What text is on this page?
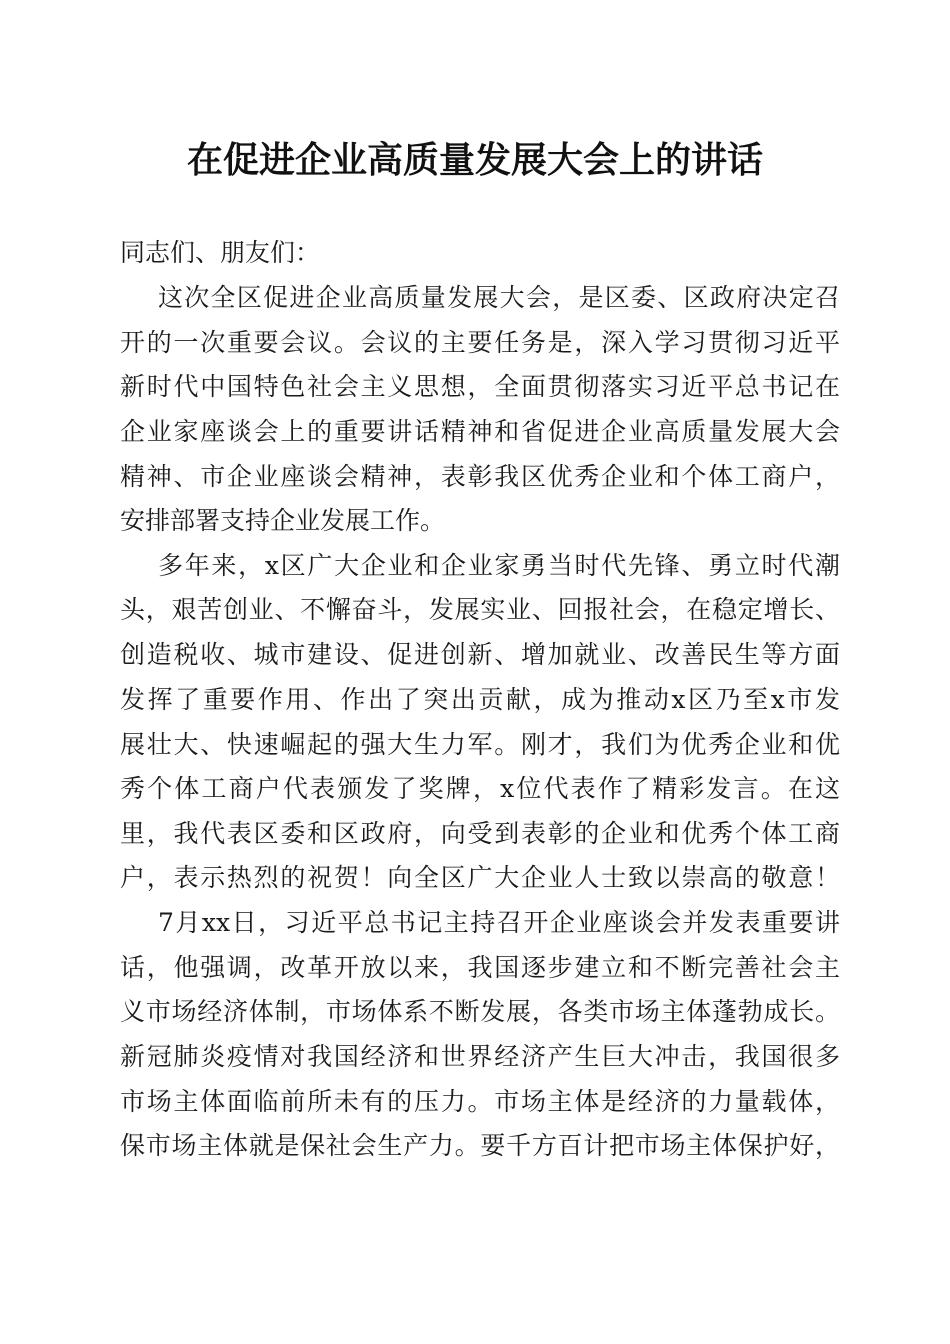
在促进企业高质量发展大会上的讲话

同志们、朋友们：

这次全区促进企业高质量发展大会，是区委、区政府决定召

开的一次重要会议。会议的主要任务是，深入学习贯彻习近平

新时代中国特色社会主义思想，全面贯彻落实习近平总书记在

企业家座谈会上的重要讲话精神和省促进企业高质量发展大会

精神、市企业座谈会精神，表彰我区优秀企业和个体工商户，

安排部署支持企业发展工作。

多年来，x区广大企业和企业家勇当时代先锋、勇立时代潮

头，艰苦创业、不懈奋斗，发展实业、回报社会，在稳定增长、

创造税收、城市建设、促进创新、增加就业、改善民生等方面

发挥了重要作用、作出了突出贡献，成为推动x区乃至x市发

展壮大、快速崛起的强大生力军。刚才，我们为优秀企业和优

秀个体工商户代表颁发了奖牌，x位代表作了精彩发言。在这

里，我代表区委和区政府，向受到表彰的企业和优秀个体工商

户，表示热烈的祝贺！向全区广大企业人士致以崇高的敬意！

7月xx日，习近平总书记主持召开企业座谈会并发表重要讲

话，他强调，改革开放以来，我国逐步建立和不断完善社会主

义市场经济体制，市场体系不断发展，各类市场主体蓬勃成长。

新冠肺炎疫情对我国经济和世界经济产生巨大冲击，我国很多

市场主体面临前所未有的压力。市场主体是经济的力量载体，

保市场主体就是保社会生产力。要千方百计把市场主体保护好，
